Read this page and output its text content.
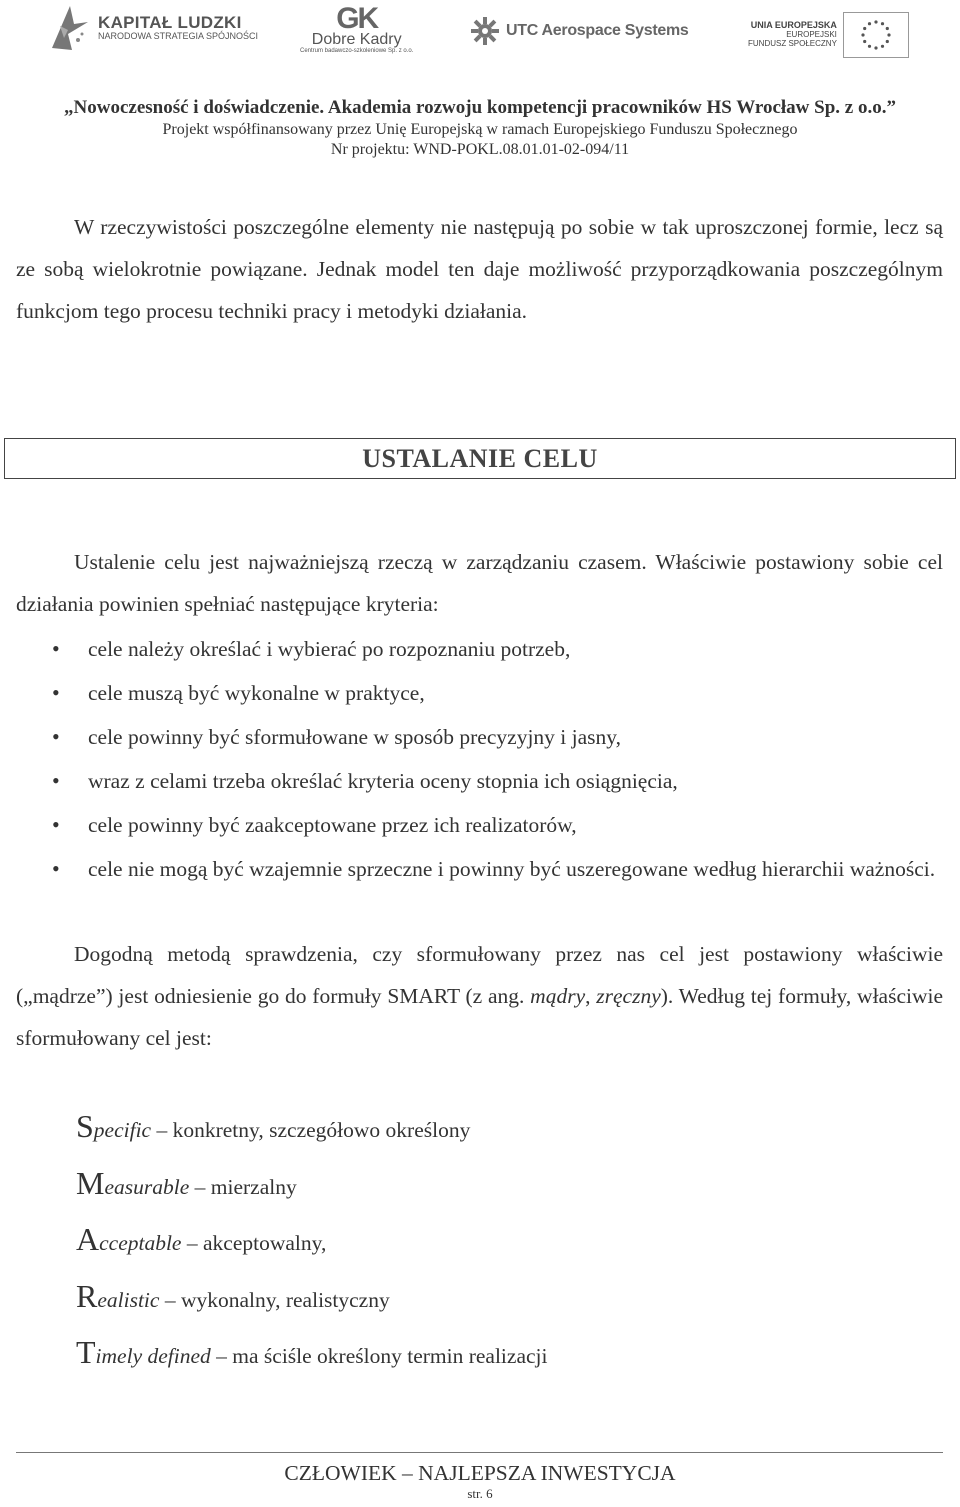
KAPITAŁ LUDZKI
NARODOWA STRATEGIA SPÓJNOŚCI
GK
Dobre Kadry
Centrum badawczo-szkoleniowe Sp. z o.o.
UTC Aerospace Systems	UNIA EUROPEJSKA
EUROPEJSKI
FUNDUSZ SPOŁECZNY
„Nowoczesność i doświadczenie. Akademia rozwoju kompetencji pracowników HS Wrocław Sp. z o.o.”
Projekt współfinansowany przez Unię Europejską w ramach Europejskiego Funduszu Społecznego
Nr projektu: WND-POKL.08.01.01-02-094/11

W rzeczywistości poszczególne elementy nie następują po sobie w tak uproszczonej formie, lecz są ze sobą wielokrotnie powiązane. Jednak model ten daje możliwość przyporządkowania poszczególnym funkcjom tego procesu techniki pracy i metodyki działania.

USTALANIE CELU

Ustalenie celu jest najważniejszą rzeczą w zarządzaniu czasem. Właściwie postawiony sobie cel działania powinien spełniać następujące kryteria:

• cele należy określać i wybierać po rozpoznaniu potrzeb,
• cele muszą być wykonalne w praktyce,
• cele powinny być sformułowane w sposób precyzyjny i jasny,
• wraz z celami trzeba określać kryteria oceny stopnia ich osiągnięcia,
• cele powinny być zaakceptowane przez ich realizatorów,
• cele nie mogą być wzajemnie sprzeczne i powinny być uszeregowane według hierarchii ważności.

Dogodną metodą sprawdzenia, czy sformułowany przez nas cel jest postawiony właściwie („mądrze”) jest odniesienie go do formuły SMART (z ang. mądry, zręczny). Według tej formuły, właściwie sformułowany cel jest:

Specific – konkretny, szczegółowo określony
Measurable – mierzalny
Acceptable – akceptowalny,
Realistic – wykonalny, realistyczny
Timely defined – ma ściśle określony termin realizacji
CZŁOWIEK – NAJLEPSZA INWESTYCJA
str. 6
